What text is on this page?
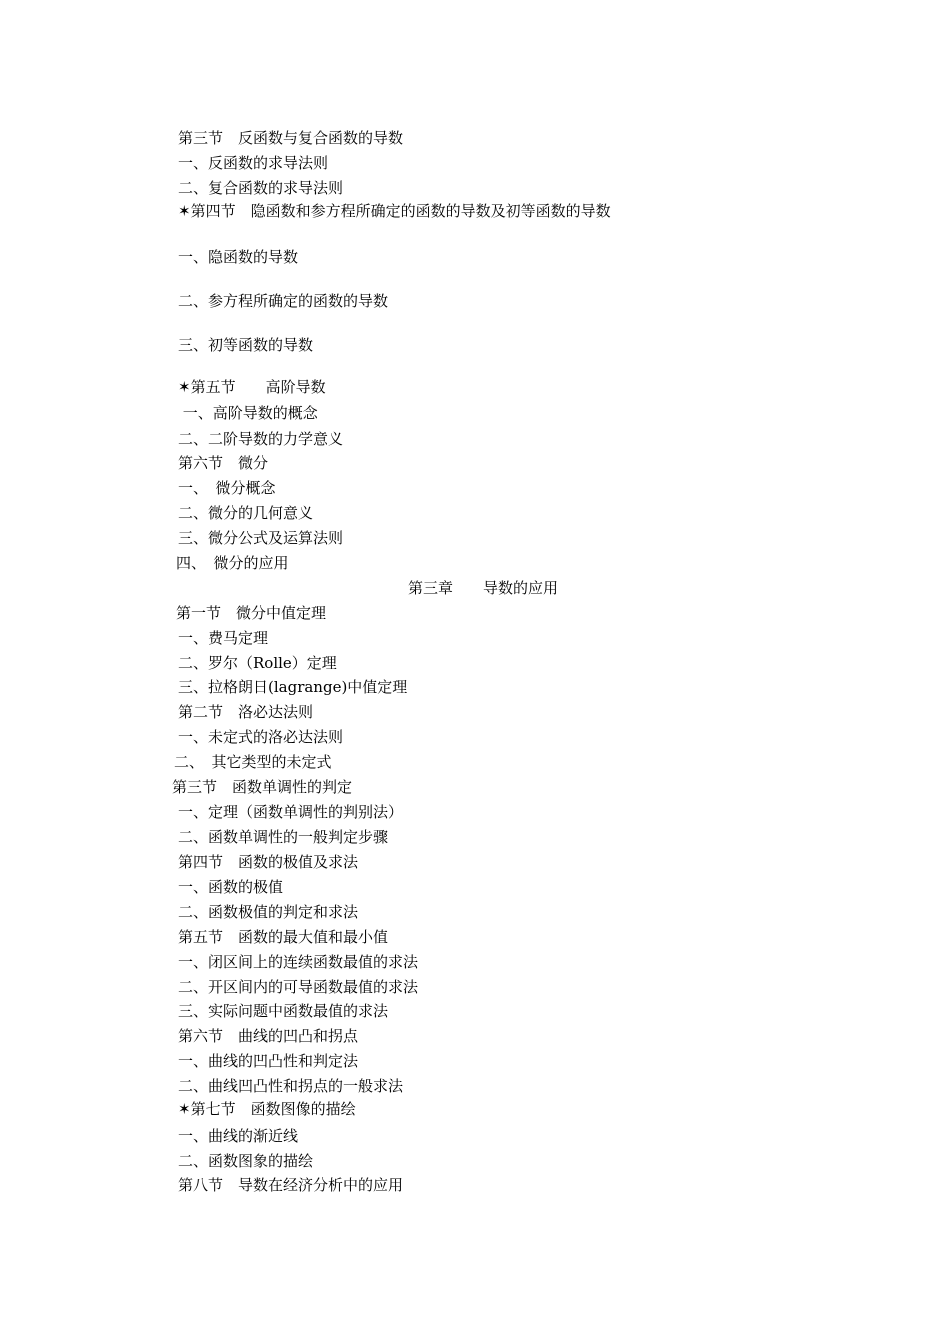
第三节　反函数与复合函数的导数

一、反函数的求导法则

二、复合函数的求导法则

✶第四节　隐函数和参方程所确定的函数的导数及初等函数的导数

一、隐函数的导数

二、参方程所确定的函数的导数

三、初等函数的导数

✶第五节　　高阶导数

一、高阶导数的概念

二、二阶导数的力学意义

第六节　微分

一、　微分概念

二、微分的几何意义

三、微分公式及运算法则

四、　微分的应用

第三章　　导数的应用

第一节　微分中值定理

一、费马定理

二、罗尔（Rolle）定理

三、拉格朗日(lagrange)中值定理

第二节　洛必达法则

一、未定式的洛必达法则

二、　其它类型的未定式

第三节　函数单调性的判定

一、定理（函数单调性的判别法）

二、函数单调性的一般判定步骤

第四节　函数的极值及求法

一、函数的极值

二、函数极值的判定和求法

第五节　函数的最大值和最小值

一、闭区间上的连续函数最值的求法

二、开区间内的可导函数最值的求法

三、实际问题中函数最值的求法

第六节　曲线的凹凸和拐点

一、曲线的凹凸性和判定法

二、曲线凹凸性和拐点的一般求法

✶第七节　函数图像的描绘

一、曲线的渐近线

二、函数图象的描绘

第八节　导数在经济分析中的应用
